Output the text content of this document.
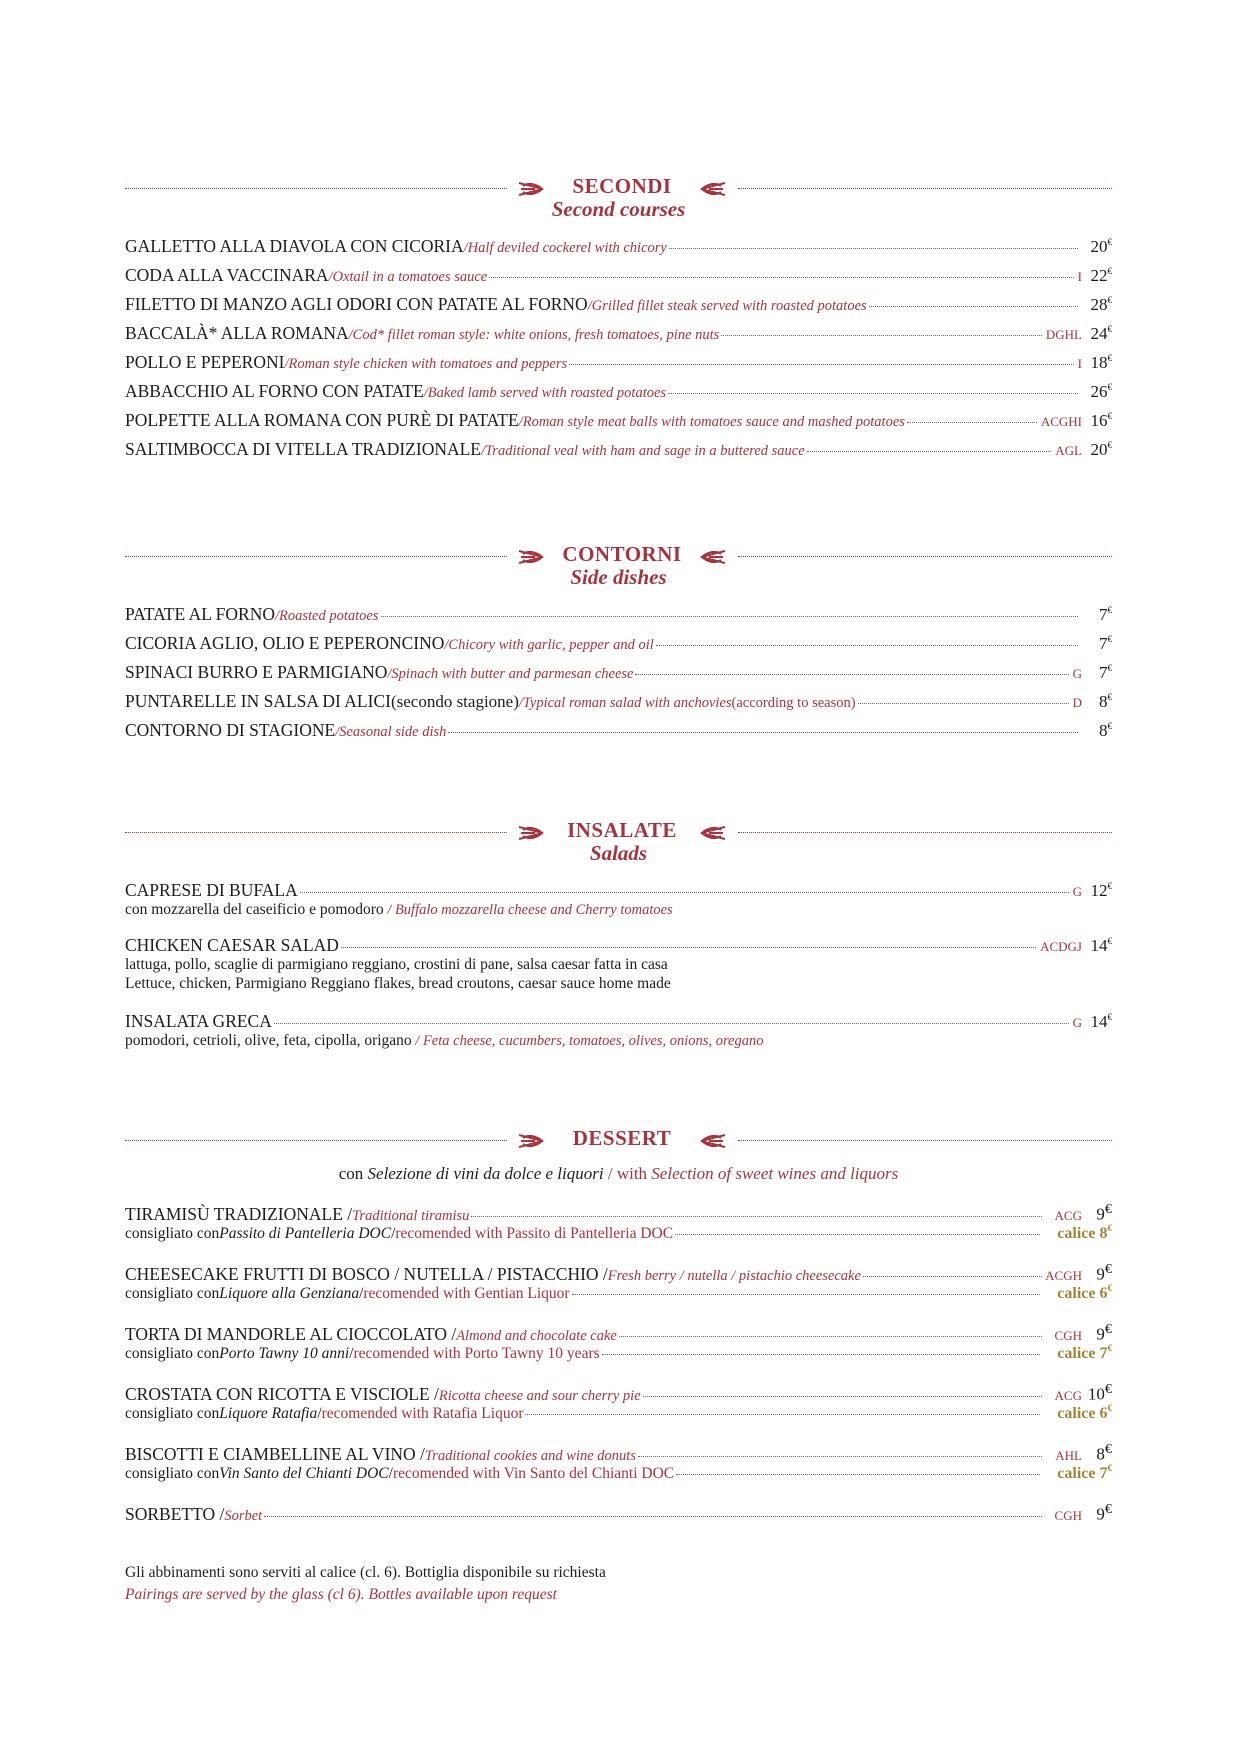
SECONDI
Second courses
GALLETTO ALLA DIAVOLA CON CICORIA / Half deviled cockerel with chicory	20€
CODA ALLA VACCINARA / Oxtail in a tomatoes sauce	I 22€
FILETTO DI MANZO AGLI ODORI CON PATATE AL FORNO / Grilled fillet steak served with roasted potatoes	28€
BACCALÀ* ALLA ROMANA / Cod* fillet roman style: white onions, fresh tomatoes, pine nuts	DGHL 24€
POLLO E PEPERONI / Roman style chicken with tomatoes and peppers	I 18€
ABBACCHIO AL FORNO CON PATATE / Baked lamb served with roasted potatoes	26€
POLPETTE ALLA ROMANA CON PURÈ DI PATATE / Roman style meat balls with tomatoes sauce and mashed potatoes	ACGHI 16€
SALTIMBOCCA DI VITELLA TRADIZIONALE / Traditional veal with ham and sage in a buttered sauce	AGL 20€
CONTORNI
Side dishes
PATATE AL FORNO / Roasted potatoes	7€
CICORIA AGLIO, OLIO E PEPERONCINO / Chicory with garlic, pepper and oil	7€
SPINACI BURRO E PARMIGIANO / Spinach with butter and parmesan cheese	G	7€
PUNTARELLE IN SALSA DI ALICI (secondo stagione) / Typical roman salad with anchovies (according to season)	D	8€
CONTORNO DI STAGIONE / Seasonal side dish	8€
INSALATE
Salads
CAPRESE DI BUFALA	G 12€
con mozzarella del caseificio e pomodoro / Buffalo mozzarella cheese and Cherry tomatoes
CHICKEN CAESAR SALAD	ACDGJ 14€
lattuga, pollo, scaglie di parmigiano reggiano, crostini di pane, salsa caesar fatta in casa
Lettuce, chicken, Parmigiano Reggiano flakes, bread croutons, caesar sauce home made
INSALATA GRECA	G 14€
pomodori, cetrioli, olive, feta, cipolla, origano / Feta cheese, cucumbers, tomatoes, olives, onions, oregano
DESSERT
con Selezione di vini da dolce e liquori / with Selection of sweet wines and liquors
TIRAMISÙ TRADIZIONALE / Traditional tiramisu	ACG 9€
consigliato con Passito di Pantelleria DOC / recomended with Passito di Pantelleria DOC	calice 8€
CHEESECAKE FRUTTI DI BOSCO / NUTELLA / PISTACCHIO / Fresh berry / nutella / pistachio cheesecake	ACGH 9€
consigliato con Liquore alla Genziana / recomended with Gentian Liquor	calice 6€
TORTA DI MANDORLE AL CIOCCOLATO / Almond and chocolate cake	CGH 9€
consigliato con Porto Tawny 10 anni / recomended with Porto Tawny 10 years	calice 7€
CROSTATA CON RICOTTA E VISCIOLE / Ricotta cheese and sour cherry pie	ACG 10€
consigliato con Liquore Ratafia / recomended with Ratafia Liquor	calice 6€
BISCOTTI E CIAMBELLINE AL VINO / Traditional cookies and wine donuts	AHL 8€
consigliato con Vin Santo del Chianti DOC / recomended with Vin Santo del Chianti DOC	calice 7€
SORBETTO / Sorbet	CGH 9€
Gli abbinamenti sono serviti al calice (cl. 6). Bottiglia disponibile su richiesta
Pairings are served by the glass (cl 6). Bottles available upon request
